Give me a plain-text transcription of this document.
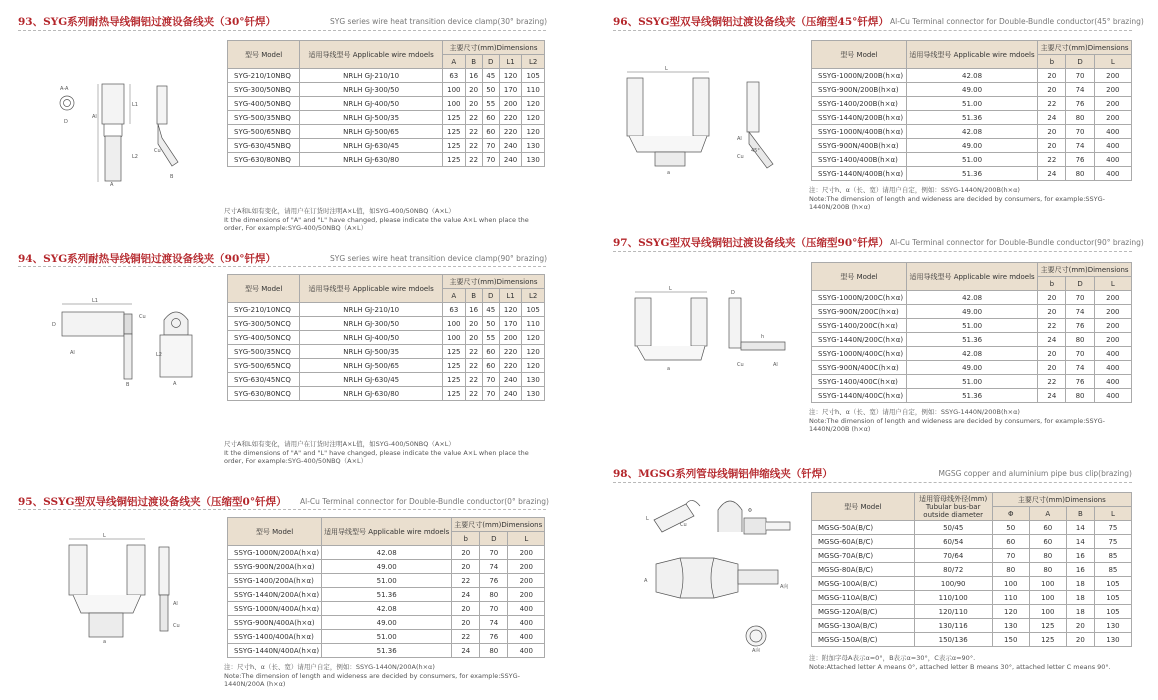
93、SYG系列耐热导线铜铝过渡设备线夹（30°钎焊）	SYG series wire heat transition device clamp(30° brazing)
L1
L2
Al
A
A-A
D
Cu
B
型号 Model	适用导线型号 Applicable wire mdoels	主要尺寸(mm)Dimensions				
		A	B	D	L1	L2
SYG-210/10NBQ	NRLH GJ-210/10	63	16	45	120	105
SYG-300/50NBQ	NRLH GJ-300/50	100	20	50	170	110
SYG-400/50NBQ	NRLH GJ-400/50	100	20	55	200	120
SYG-500/35NBQ	NRLH GJ-500/35	125	22	60	220	120
SYG-500/65NBQ	NRLH GJ-500/65	125	22	60	220	120
SYG-630/45NBQ	NRLH GJ-630/45	125	22	70	240	130
SYG-630/80NBQ	NRLH GJ-630/80	125	22	70	240	130
尺寸A和L如有变化，请用户在订货时注明A×L值，如SYG-400/50NBQ（A×L）
It the dimensions of "A" and "L" have changed, please indicate the value A×L when place the order, For example:SYG-400/50NBQ（A×L）
94、SYG系列耐热导线铜铝过渡设备线夹（90°钎焊）	SYG series wire heat transition device clamp(90° brazing)
L1
D
Al
B
L2
Cu
A
型号 Model	适用导线型号 Applicable wire mdoels	主要尺寸(mm)Dimensions				
		A	B	D	L1	L2
SYG-210/10NCQ	NRLH GJ-210/10	63	16	45	120	105
SYG-300/50NCQ	NRLH GJ-300/50	100	20	50	170	110
SYG-400/50NCQ	NRLH GJ-400/50	100	20	55	200	120
SYG-500/35NCQ	NRLH GJ-500/35	125	22	60	220	120
SYG-500/65NCQ	NRLH GJ-500/65	125	22	60	220	120
SYG-630/45NCQ	NRLH GJ-630/45	125	22	70	240	130
SYG-630/80NCQ	NRLH GJ-630/80	125	22	70	240	130
尺寸A和L如有变化，请用户在订货时注明A×L值，如SYG-400/50NBQ（A×L）
It the dimensions of "A" and "L" have changed, please indicate the value A×L when place the order, For example:SYG-400/50NBQ（A×L）
95、SSYG型双导线铜铝过渡设备线夹（压缩型0°钎焊） Al-Cu Terminal connector for Double-Bundle conductor(0° brazing)
L
a
Al
Cu
型号 Model	适用导线型号 Applicable wire mdoels	主要尺寸(mm)Dimensions		
		b	D	L
SSYG-1000N/200A(h×α)	42.08	20	70	200
SSYG-900N/200A(h×α)	49.00	20	74	200
SSYG-1400/200A(h×α)	51.00	22	76	200
SSYG-1440N/200A(h×α)	51.36	24	80	200
SSYG-1000N/400A(h×α)	42.08	20	70	400
SSYG-900N/400A(h×α)	49.00	20	74	400
SSYG-1400/400A(h×α)	51.00	22	76	400
SSYG-1440N/400A(h×α)	51.36	24	80	400
注：尺寸h、α（长、宽）请用户自定，例如：SSYG-1440N/200A(h×α)
Note:The dimension of length and wideness are decided by consumers, for example:SSYG-1440N/200A (h×α)
96、SSYG型双导线铜铝过渡设备线夹（压缩型45°钎焊） Al-Cu Terminal connector for Double-Bundle conductor(45° brazing)
L
a
Al
Cu
45°
型号 Model	适用导线型号 Applicable wire mdoels	主要尺寸(mm)Dimensions		
		b	D	L
SSYG-1000N/200B(h×α)	42.08	20	70	200
SSYG-900N/200B(h×α)	49.00	20	74	200
SSYG-1400/200B(h×α)	51.00	22	76	200
SSYG-1440N/200B(h×α)	51.36	24	80	200
SSYG-1000N/400B(h×α)	42.08	20	70	400
SSYG-900N/400B(h×α)	49.00	20	74	400
SSYG-1400/400B(h×α)	51.00	22	76	400
SSYG-1440N/400B(h×α)	51.36	24	80	400
注：尺寸h、α（长、宽）请用户自定，例如：SSYG-1440N/200B(h×α)
Note:The dimension of length and wideness are decided by consumers, for example:SSYG-1440N/200B (h×α)
97、SSYG型双导线铜铝过渡设备线夹（压缩型90°钎焊） Al-Cu Terminal connector for Double-Bundle conductor(90° brazing)
L
a
D
h
Cu	Al
型号 Model	适用导线型号 Applicable wire mdoels	主要尺寸(mm)Dimensions		
		b	D	L
SSYG-1000N/200C(h×α)	42.08	20	70	200
SSYG-900N/200C(h×α)	49.00	20	74	200
SSYG-1400/200C(h×α)	51.00	22	76	200
SSYG-1440N/200C(h×α)	51.36	24	80	200
SSYG-1000N/400C(h×α)	42.08	20	70	400
SSYG-900N/400C(h×α)	49.00	20	74	400
SSYG-1400/400C(h×α)	51.00	22	76	400
SSYG-1440N/400C(h×α)	51.36	24	80	400
注：尺寸h、α（长、宽）请用户自定，例如：SSYG-1440N/200B(h×α)
Note:The dimension of length and wideness are decided by consumers, for example:SSYG-1440N/200B (h×α)
98、MGSG系列管母线铜铝伸缩线夹（钎焊）	MGSG copper and aluminium pipe bus clip(brazing)
L
Cu
Φ
A
A向
A向
型号 Model	适用管母线外径(mm) Tubular bus-bar outside diameter	主要尺寸(mm)Dimensions			
		Φ	A	B	L
MGSG-50A(B/C)	50/45	50	60	14	75
MGSG-60A(B/C)	60/54	60	60	14	75
MGSG-70A(B/C)	70/64	70	80	16	85
MGSG-80A(B/C)	80/72	80	80	16	85
MGSG-100A(B/C)	100/90	100	100	18	105
MGSG-110A(B/C)	110/100	110	100	18	105
MGSG-120A(B/C)	120/110	120	100	18	105
MGSG-130A(B/C)	130/116	130	125	20	130
MGSG-150A(B/C)	150/136	150	125	20	130
注：附加字母A表示α=0°，B表示α=30°，C表示α=90°.
Note:Attached letter A means 0°, attached letter B means 30°, attached letter C means 90°.
